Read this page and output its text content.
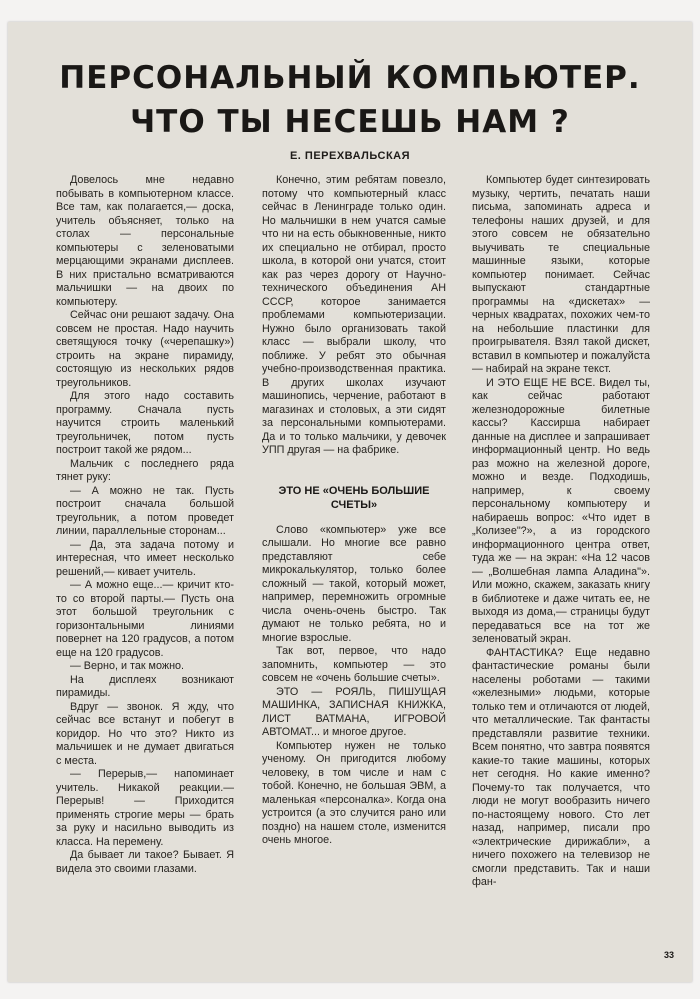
ПЕРСОНАЛЬНЫЙ КОМПЬЮТЕР.
ЧТО ТЫ НЕСЕШЬ НАМ ?
Е. ПЕРЕХВАЛЬСКАЯ

Довелось мне недавно побывать в компьютерном классе. Все там, как полагается,— доска, учитель объясняет, только на столах — персональные компьютеры с зеленоватыми мерцающими экранами дисплеев. В них пристально всматриваются мальчишки — на двоих по компьютеру.

Сейчас они решают задачу. Она совсем не простая. Надо научить светящуюся точку («черепашку») строить на экране пирамиду, состоящую из нескольких рядов треугольников.

Для этого надо составить программу. Сначала пусть научится строить маленький треугольничек, потом пусть построит такой же рядом...

Мальчик с последнего ряда тянет руку:

— А можно не так. Пусть построит сначала большой треугольник, а потом проведет линии, параллельные сторонам...

— Да, эта задача потому и интересная, что имеет несколько решений,— кивает учитель.

— А можно еще...— кричит кто-то со второй парты.— Пусть она этот большой треугольник с горизонтальными линиями повернет на 120 градусов, а потом еще на 120 градусов.

— Верно, и так можно.

На дисплеях возникают пирамиды.

Вдруг — звонок. Я жду, что сейчас все встанут и побегут в коридор. Но что это? Никто из мальчишек и не думает двигаться с места.

— Перерыв,— напоминает учитель. Никакой реакции.— Перерыв! — Приходится применять строгие меры — брать за руку и насильно выводить из класса. На перемену.

Да бывает ли такое? Бывает. Я видела это своими глазами.

Конечно, этим ребятам повезло, потому что компьютерный класс сейчас в Ленинграде только один. Но мальчишки в нем учатся самые что ни на есть обыкновенные, никто их специально не отбирал, просто школа, в которой они учатся, стоит как раз через дорогу от Научно-технического объединения АН СССР, которое занимается проблемами компьютеризации. Нужно было организовать такой класс — выбрали школу, что поближе. У ребят это обычная учебно-производственная практика. В других школах изучают машинопись, черчение, работают в магазинах и столовых, а эти сидят за персональными компьютерами. Да и то только мальчики, у девочек УПП другая — на фабрике.

ЭТО НЕ «ОЧЕНЬ БОЛЬШИЕ СЧЕТЫ»

Слово «компьютер» уже все слышали. Но многие все равно представляют себе микрокалькулятор, только более сложный — такой, который может, например, перемножить огромные числа очень-очень быстро. Так думают не только ребята, но и многие взрослые.

Так вот, первое, что надо запомнить, компьютер — это совсем не «очень большие счеты».

ЭТО — РОЯЛЬ, ПИШУЩАЯ МАШИНКА, ЗАПИСНАЯ КНИЖКА, ЛИСТ ВАТМАНА, ИГРОВОЙ АВТОМАТ... и многое другое.

Компьютер нужен не только ученому. Он пригодится любому человеку, в том числе и нам с тобой. Конечно, не большая ЭВМ, а маленькая «персоналка». Когда она устроится (а это случится рано или поздно) на нашем столе, изменится очень многое.

Компьютер будет синтезировать музыку, чертить, печатать наши письма, запоминать адреса и телефоны наших друзей, и для этого совсем не обязательно выучивать те специальные машинные языки, которые компьютер понимает. Сейчас выпускают стандартные программы на «дискетах» — черных квадратах, похожих чем-то на небольшие пластинки для проигрывателя. Взял такой дискет, вставил в компьютер и пожалуйста — набирай на экране текст.

И ЭТО ЕЩЕ НЕ ВСЕ. Видел ты, как сейчас работают железнодорожные билетные кассы? Кассирша набирает данные на дисплее и запрашивает информационный центр. Но ведь раз можно на железной дороге, можно и везде. Подходишь, например, к своему персональному компьютеру и набираешь вопрос: «Что идет в „Колизее"?», а из городского информационного центра ответ, туда же — на экран: «На 12 часов — „Волшебная лампа Аладина"». Или можно, скажем, заказать книгу в библиотеке и даже читать ее, не выходя из дома,— страницы будут передаваться все на тот же зеленоватый экран.

ФАНТАСТИКА? Еще недавно фантастические романы были населены роботами — такими «железными» людьми, которые только тем и отличаются от людей, что металлические. Так фантасты представляли развитие техники. Всем понятно, что завтра появятся какие-то такие машины, которых нет сегодня. Но какие именно? Почему-то так получается, что люди не могут вообразить ничего по-настоящему нового. Сто лет назад, например, писали про «электрические дирижабли», а ничего похожего на телевизор не смогли представить. Так и наши фан-

33
